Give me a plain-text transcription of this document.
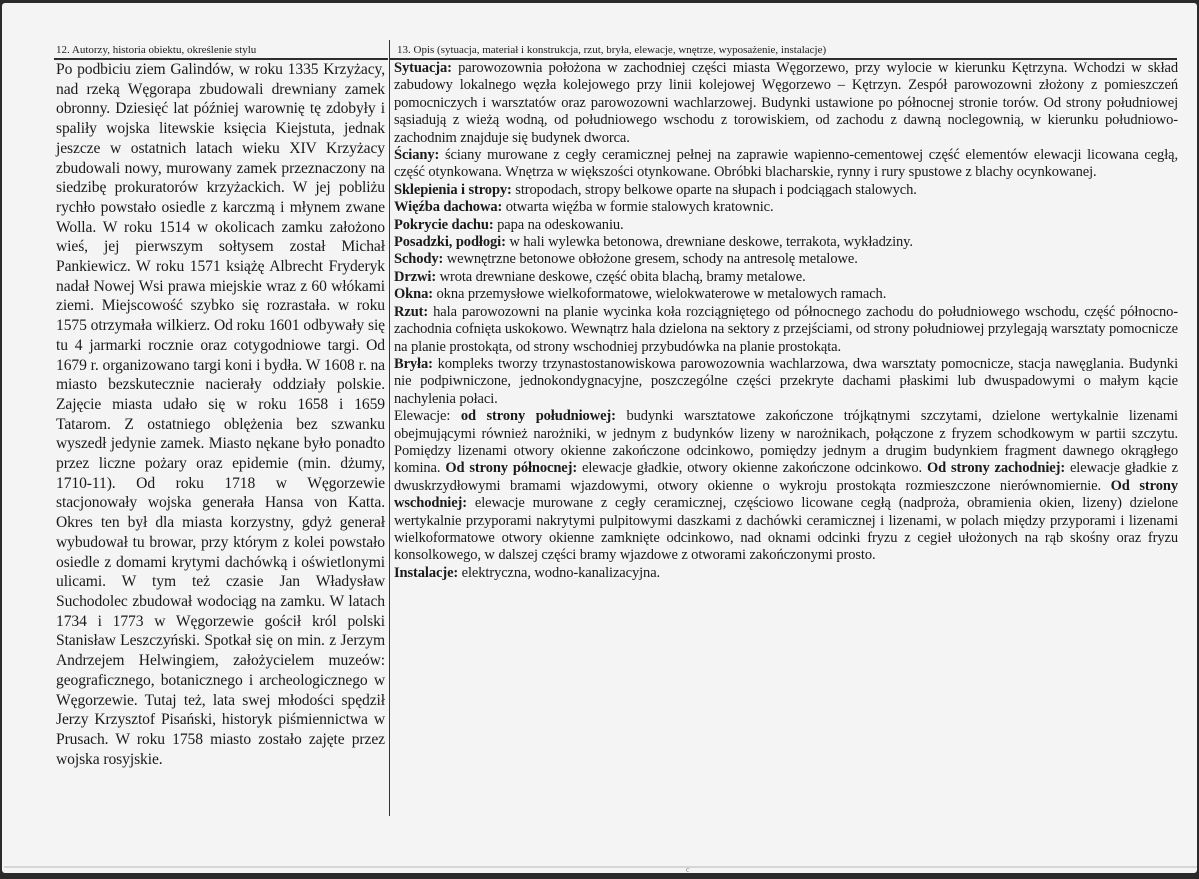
12. Autorzy, historia obiektu, określenie stylu	13. Opis (sytuacja, materiał i konstrukcja, rzut, bryła, elewacje, wnętrze, wyposażenie, instalacje)
Po podbiciu ziem Galindów, w roku 1335 Krzyżacy, nad rzeką Węgorapa zbudowali drewniany zamek obronny. Dziesięć lat później warownię tę zdobyły i spaliły wojska litewskie księcia Kiejstuta, jednak jeszcze w ostatnich latach wieku XIV Krzyżacy zbudowali nowy, murowany zamek przeznaczony na siedzibę prokuratorów krzyżackich. W jej pobliżu rychło powstało osiedle z karczmą i młynem zwane Wolla. W roku 1514 w okolicach zamku założono wieś, jej pierwszym sołtysem został Michał Pankiewicz. W roku 1571 książę Albrecht Fryderyk nadał Nowej Wsi prawa miejskie wraz z 60 włókami ziemi. Miejscowość szybko się rozrastała. w roku 1575 otrzymała wilkierz. Od roku 1601 odbywały się tu 4 jarmarki rocznie oraz cotygodniowe targi. Od 1679 r. organizowano targi koni i bydła. W 1608 r. na miasto bezskutecznie nacierały oddziały polskie. Zajęcie miasta udało się w roku 1658 i 1659 Tatarom. Z ostatniego oblężenia bez szwanku wyszedł jedynie zamek. Miasto nękane było ponadto przez liczne pożary oraz epidemie (min. dżumy, 1710-11). Od roku 1718 w Węgorzewie stacjonowały wojska generała Hansa von Katta. Okres ten był dla miasta korzystny, gdyż generał wybudował tu browar, przy którym z kolei powstało osiedle z domami krytymi dachówką i oświetlonymi ulicami. W tym też czasie Jan Władysław Suchodolec zbudował wodociąg na zamku. W latach 1734 i 1773 w Węgorzewie gościł król polski Stanisław Leszczyński. Spotkał się on min. z Jerzym Andrzejem Helwingiem, założycielem muzeów: geograficznego, botanicznego i archeologicznego w Węgorzewie. Tutaj też, lata swej młodości spędził Jerzy Krzysztof Pisański, historyk piśmiennictwa w Prusach. W roku 1758 miasto zostało zajęte przez wojska rosyjskie.

Sytuacja: parowozownia położona w zachodniej części miasta Węgorzewo, przy wylocie w kierunku Kętrzyna. Wchodzi w skład zabudowy lokalnego węzła kolejowego przy linii kolejowej Węgorzewo – Kętrzyn. Zespół parowozowni złożony z pomieszczeń pomocniczych i warsztatów oraz parowozowni wachlarzowej. Budynki ustawione po północnej stronie torów. Od strony południowej sąsiadują z wieżą wodną, od południowego wschodu z torowiskiem, od zachodu z dawną noclegownią, w kierunku południowo-zachodnim znajduje się budynek dworca.

Ściany: ściany murowane z cegły ceramicznej pełnej na zaprawie wapienno-cementowej część elementów elewacji licowana cegłą, część otynkowana. Wnętrza w większości otynkowane. Obróbki blacharskie, rynny i rury spustowe z blachy ocynkowanej.

Sklepienia i stropy: stropodach, stropy belkowe oparte na słupach i podciągach stalowych.

Więźba dachowa: otwarta więźba w formie stalowych kratownic.

Pokrycie dachu: papa na odeskowaniu.

Posadzki, podłogi: w hali wylewka betonowa, drewniane deskowe, terrakota, wykładziny.

Schody: wewnętrzne betonowe obłożone gresem, schody na antresolę metalowe.

Drzwi: wrota drewniane deskowe, część obita blachą, bramy metalowe.

Okna: okna przemysłowe wielkoformatowe, wielokwaterowe w metalowych ramach.

Rzut: hala parowozowni na planie wycinka koła rozciągniętego od północnego zachodu do południowego wschodu, część północno-zachodnia cofnięta uskokowo. Wewnątrz hala dzielona na sektory z przejściami, od strony południowej przylegają warsztaty pomocnicze na planie prostokąta, od strony wschodniej przybudówka na planie prostokąta.

Bryła: kompleks tworzy trzynastostanowiskowa parowozownia wachlarzowa, dwa warsztaty pomocnicze, stacja nawęglania. Budynki nie podpiwniczone, jednokondygnacyjne, poszczególne części przekryte dachami płaskimi lub dwuspadowymi o małym kącie nachylenia połaci.

Elewacje: od strony południowej: budynki warsztatowe zakończone trójkątnymi szczytami, dzielone wertykalnie lizenami obejmującymi również narożniki, w jednym z budynków lizeny w narożnikach, połączone z fryzem schodkowym w partii szczytu. Pomiędzy lizenami otwory okienne zakończone odcinkowo, pomiędzy jednym a drugim budynkiem fragment dawnego okrągłego komina. Od strony północnej: elewacje gładkie, otwory okienne zakończone odcinkowo. Od strony zachodniej: elewacje gładkie z dwuskrzydłowymi bramami wjazdowymi, otwory okienne o wykroju prostokąta rozmieszczone nierównomiernie. Od strony wschodniej: elewacje murowane z cegły ceramicznej, częściowo licowane cegłą (nadproża, obramienia okien, lizeny) dzielone wertykalnie przyporami nakrytymi pulpitowymi daszkami z dachówki ceramicznej i lizenami, w polach między przyporami i lizenami wielkoformatowe otwory okienne zamknięte odcinkowo, nad oknami odcinki fryzu z cegieł ułożonych na rąb skośny oraz fryzu konsolkowego, w dalszej części bramy wjazdowe z otworami zakończonymi prosto.

Instalacje: elektryczna, wodno-kanalizacyjna.

c
